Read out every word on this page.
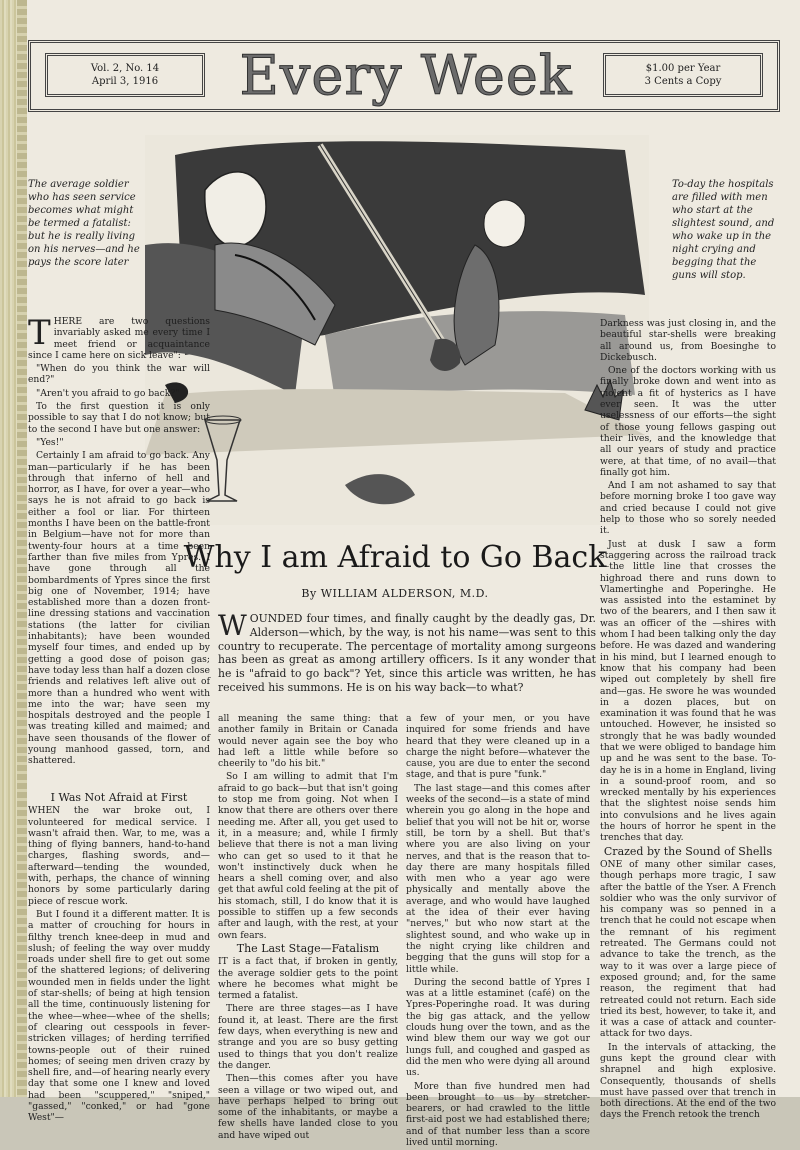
Vol. 2, No. 14
April 3, 1916	Every Week	$1.00 per Year
3 Cents a Copy
The average soldier who has seen service becomes what might be termed a fatalist: but he is really living on his nerves—and he pays the score later
To-day the hospitals are filled with men who start at the slightest sound, and who wake up in the night crying and begging that the guns will stop.
Why I am Afraid to Go Back
By WILLIAM ALDERSON, M.D.
WOUNDED four times, and finally caught by the deadly gas, Dr. Alderson—which, by the way, is not his name—was sent to this country to recuperate. The percentage of mortality among surgeons has been as great as among artillery officers. Is it any wonder that he is "afraid to go back"? Yet, since this article was written, he has received his summons. He is on his way back—to what?

THERE are two questions invariably asked me every time I meet friend or acquaintance since I came here on sick leave":

"When do you think the war will end?"

"Aren't you afraid to go back?"

To the first question it is only possible to say that I do not know; but to the second I have but one answer:

"Yes!"

Certainly I am afraid to go back. Any man—particularly if he has been through that inferno of hell and horror, as I have, for over a year—who says he is not afraid to go back is either a fool or liar. For thirteen months I have been on the battle-front in Belgium—have not for more than twenty-four hours at a time been farther than five miles from Ypres. I have gone through all the bombardments of Ypres since the first big one of November, 1914; have established more than a dozen front-line dressing stations and vaccination stations (the latter for civilian inhabitants); have been wounded myself four times, and ended up by getting a good dose of poison gas; have today less than half a dozen close friends and relatives left alive out of more than a hundred who went with me into the war; have seen my hospitals destroyed and the people I was treating killed and maimed; and have seen thousands of the flower of young manhood gassed, torn, and shattered.

I Was Not Afraid at First

WHEN the war broke out, I volunteered for medical service. I wasn't afraid then. War, to me, was a thing of flying banners, hand-to-hand charges, flashing swords, and—afterward—tending the wounded, with, perhaps, the chance of winning honors by some particularly daring piece of rescue work.

But I found it a different matter. It is a matter of crouching for hours in filthy trench knee-deep in mud and slush; of feeling the way over muddy roads under shell fire to get out some of the shattered legions; of delivering wounded men in fields under the light of star-shells; of being at high tension all the time, continuously listening for the whee—whee—whee of the shells; of clearing out cesspools in fever-stricken villages; of herding terrified towns-people out of their ruined homes; of seeing men driven crazy by shell fire, and—of hearing nearly every day that some one I knew and loved had been "scuppered," "sniped," "gassed," "conked," or had "gone West"—

all meaning the same thing: that another family in Britain or Canada would never again see the boy who had left a little while before so cheerily to "do his bit."

So I am willing to admit that I'm afraid to go back—but that isn't going to stop me from going. Not when I know that there are others over there needing me. After all, you get used to it, in a measure; and, while I firmly believe that there is not a man living who can get so used to it that he won't instinctively duck when he hears a shell coming over, and also get that awful cold feeling at the pit of his stomach, still, I do know that it is possible to stiffen up a few seconds after and laugh, with the rest, at your own fears.

The Last Stage—Fatalism

IT is a fact that, if broken in gently, the average soldier gets to the point where he becomes what might be termed a fatalist.

There are three stages—as I have found it, at least. There are the first few days, when everything is new and strange and you are so busy getting used to things that you don't realize the danger.

Then—this comes after you have seen a village or two wiped out, and have perhaps helped to bring out some of the inhabitants, or maybe a few shells have landed close to you and have wiped out

a few of your men, or you have inquired for some friends and have heard that they were cleaned up in a charge the night before—whatever the cause, you are due to enter the second stage, and that is pure "funk."

The last stage—and this comes after weeks of the second—is a state of mind wherein you go along in the hope and belief that you will not be hit or, worse still, be torn by a shell. But that's where you are also living on your nerves, and that is the reason that to-day there are many hospitals filled with men who a year ago were physically and mentally above the average, and who would have laughed at the idea of their ever having "nerves," but who now start at the slightest sound, and who wake up in the night crying like children and begging that the guns will stop for a little while.

During the second battle of Ypres I was at a little estaminet (café) on the Ypres-Poperinghe road. It was during the big gas attack, and the yellow clouds hung over the town, and as the wind blew them our way we got our lungs full, and coughed and gasped as did the men who were dying all around us.

More than five hundred men had been brought to us by stretcher-bearers, or had crawled to the little first-aid post we had established there; and of that number less than a score lived until morning.

Darkness was just closing in, and the beautiful star-shells were breaking all around us, from Boesinghe to Dickebusch.

One of the doctors working with us finally broke down and went into as violent a fit of hysterics as I have ever seen. It was the utter uselessness of our efforts—the sight of those young fellows gasping out their lives, and the knowledge that all our years of study and practice were, at that time, of no avail—that finally got him.

And I am not ashamed to say that before morning broke I too gave way and cried because I could not give help to those who so sorely needed it.

Just at dusk I saw a form staggering across the railroad track—the little line that crosses the highroad there and runs down to Vlamertinghe and Poperinghe. He was assisted into the estaminet by two of the bearers, and I then saw it was an officer of the —shires with whom I had been talking only the day before. He was dazed and wandering in his mind, but I learned enough to know that his company had been wiped out completely by shell fire and—gas. He swore he was wounded in a dozen places, but on examination it was found that he was untouched. However, he insisted so strongly that he was badly wounded that we were obliged to bandage him up and he was sent to the base. To-day he is in a home in England, living in a sound-proof room, and so wrecked mentally by his experiences that the slightest noise sends him into convulsions and he lives again the hours of horror he spent in the trenches that day.

Crazed by the Sound of Shells

ONE of many other similar cases, though perhaps more tragic, I saw after the battle of the Yser. A French soldier who was the only survivor of his company was so penned in a trench that he could not escape when the remnant of his regiment retreated. The Germans could not advance to take the trench, as the way to it was over a large piece of exposed ground; and, for the same reason, the regiment that had retreated could not return. Each side tried its best, however, to take it, and it was a case of attack and counter-attack for two days.

In the intervals of attacking, the guns kept the ground clear with shrapnel and high explosive. Consequently, thousands of shells must have passed over that trench in both directions. At the end of the two days the French retook the trench
